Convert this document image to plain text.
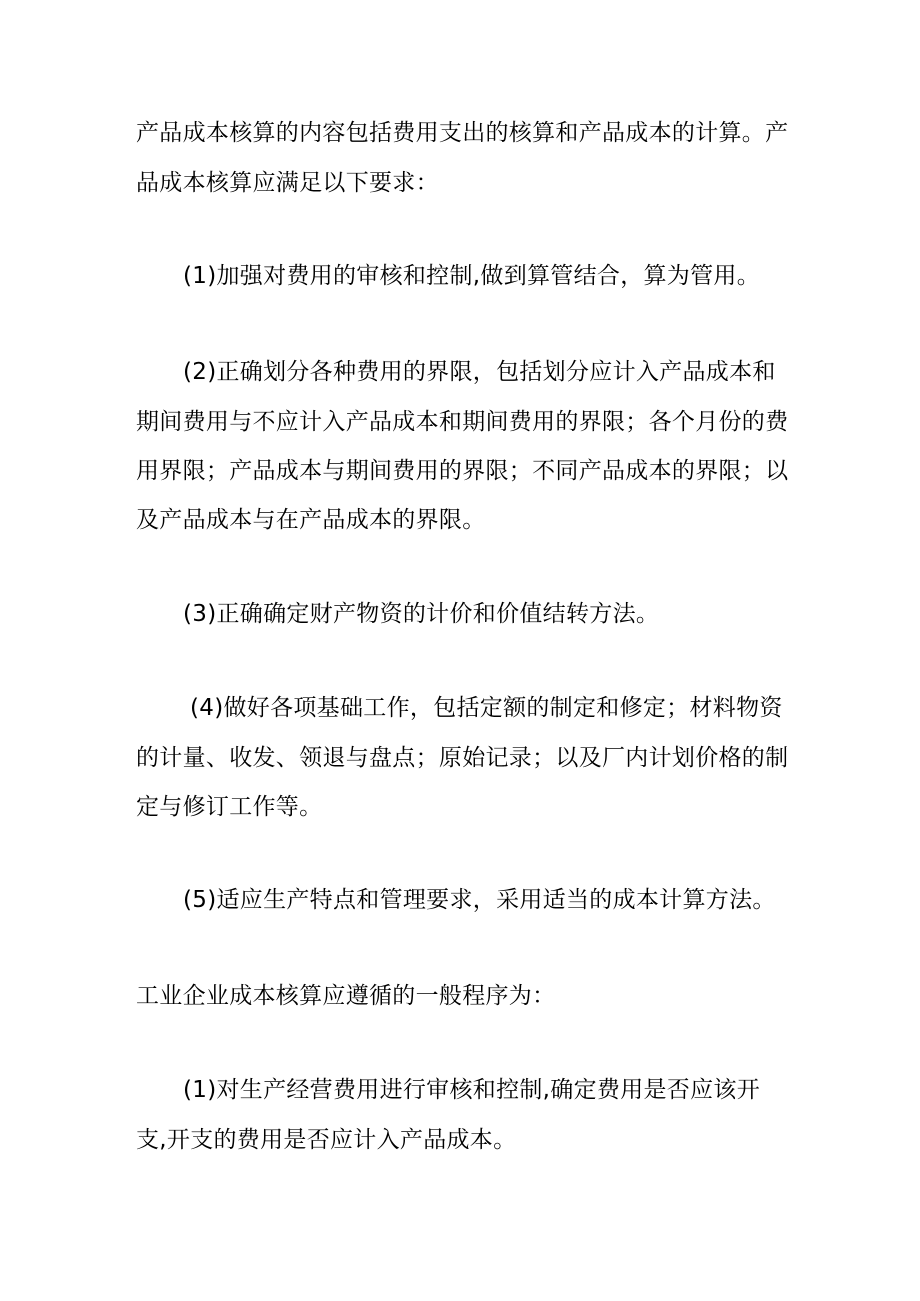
产品成本核算的内容包括费用支出的核算和产品成本的计算。产

品成本核算应满足以下要求：

(1)加强对费用的审核和控制,做到算管结合，算为管用。

(2)正确划分各种费用的界限，包括划分应计入产品成本和

期间费用与不应计入产品成本和期间费用的界限；各个月份的费

用界限；产品成本与期间费用的界限；不同产品成本的界限；以

及产品成本与在产品成本的界限。

(3)正确确定财产物资的计价和价值结转方法。

(4)做好各项基础工作，包括定额的制定和修定；材料物资

的计量、收发、领退与盘点；原始记录；以及厂内计划价格的制

定与修订工作等。

(5)适应生产特点和管理要求，采用适当的成本计算方法。

工业企业成本核算应遵循的一般程序为：

(1)对生产经营费用进行审核和控制,确定费用是否应该开

支,开支的费用是否应计入产品成本。
